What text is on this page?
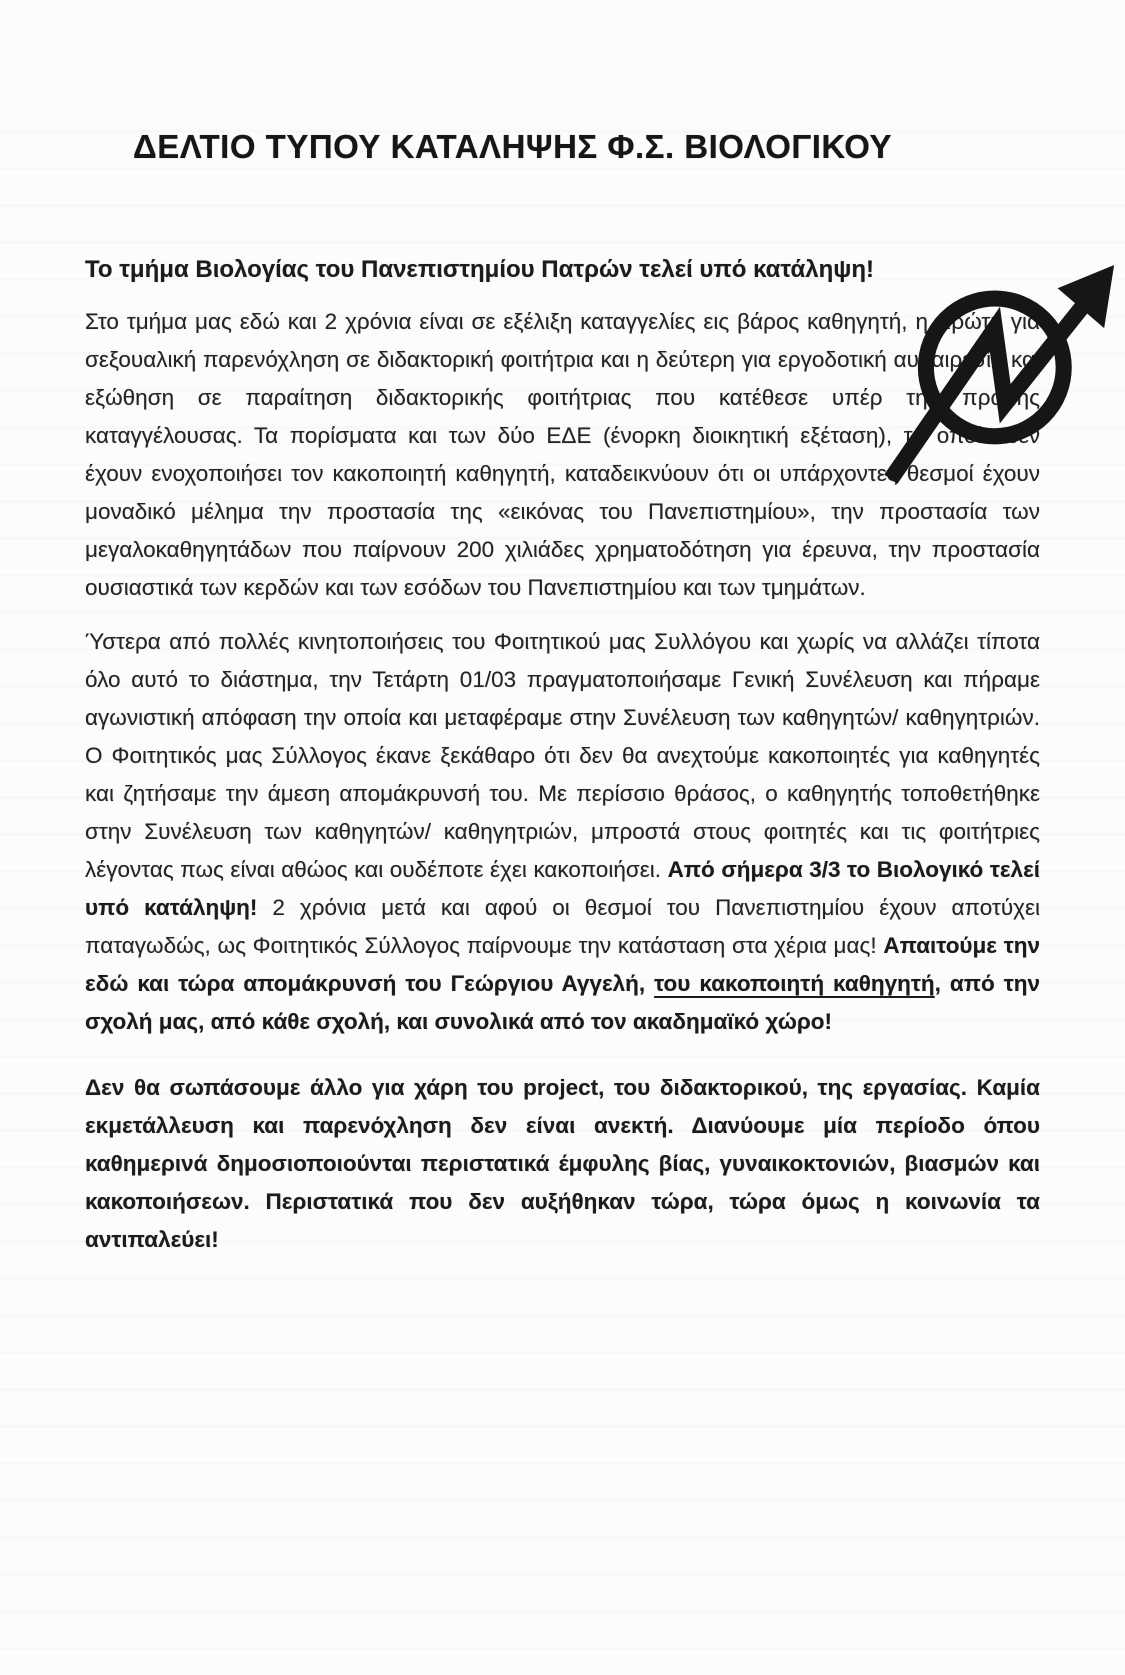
ΔΕΛΤΙΟ ΤΥΠΟΥ ΚΑΤΑΛΗΨΗΣ Φ.Σ. ΒΙΟΛΟΓΙΚΟΥ

Το τμήμα Βιολογίας του Πανεπιστημίου Πατρών τελεί υπό κατάληψη!

Στο τμήμα μας εδώ και 2 χρόνια είναι σε εξέλιξη καταγγελίες εις βάρος καθηγητή, η πρώτη για σεξουαλική παρενόχληση σε διδακτορική φοιτήτρια και η δεύτερη για εργοδοτική αυθαιρεσία και εξώθηση σε παραίτηση διδακτορικής φοιτήτριας που κατέθεσε υπέρ της πρώτης καταγγέλουσας. Τα πορίσματα και των δύο ΕΔΕ (ένορκη διοικητική εξέταση), τα οποία δεν έχουν ενοχοποιήσει τον κακοποιητή καθηγητή, καταδεικνύουν ότι οι υπάρχοντες θεσμοί έχουν μοναδικό μέλημα την προστασία της «εικόνας του Πανεπιστημίου», την προστασία των μεγαλοκαθηγητάδων που παίρνουν 200 χιλιάδες χρηματοδότηση για έρευνα, την προστασία ουσιαστικά των κερδών και των εσόδων του Πανεπιστημίου και των τμημάτων.

Ύστερα από πολλές κινητοποιήσεις του Φοιτητικού μας Συλλόγου και χωρίς να αλλάζει τίποτα όλο αυτό το διάστημα, την Τετάρτη 01/03 πραγματοποιήσαμε Γενική Συνέλευση και πήραμε αγωνιστική απόφαση την οποία και μεταφέραμε στην Συνέλευση των καθηγητών/ καθηγητριών. Ο Φοιτητικός μας Σύλλογος έκανε ξεκάθαρο ότι δεν θα ανεχτούμε κακοποιητές για καθηγητές και ζητήσαμε την άμεση απομάκρυνσή του. Με περίσσιο θράσος, ο καθηγητής τοποθετήθηκε στην Συνέλευση των καθηγητών/ καθηγητριών, μπροστά στους φοιτητές και τις φοιτήτριες λέγοντας πως είναι αθώος και ουδέποτε έχει κακοποιήσει. Από σήμερα 3/3 το Βιολογικό τελεί υπό κατάληψη! 2 χρόνια μετά και αφού οι θεσμοί του Πανεπιστημίου έχουν αποτύχει παταγωδώς, ως Φοιτητικός Σύλλογος παίρνουμε την κατάσταση στα χέρια μας! Απαιτούμε την εδώ και τώρα απομάκρυνσή του Γεώργιου Αγγελή, του κακοποιητή καθηγητή, από την σχολή μας, από κάθε σχολή, και συνολικά από τον ακαδημαϊκό χώρο!

Δεν θα σωπάσουμε άλλο για χάρη του project, του διδακτορικού, της εργασίας. Καμία εκμετάλλευση και παρενόχληση δεν είναι ανεκτή. Διανύουμε μία περίοδο όπου καθημερινά δημοσιοποιούνται περιστατικά έμφυλης βίας, γυναικοκτονιών, βιασμών και κακοποιήσεων. Περιστατικά που δεν αυξήθηκαν τώρα, τώρα όμως η κοινωνία τα αντιπαλεύει!
